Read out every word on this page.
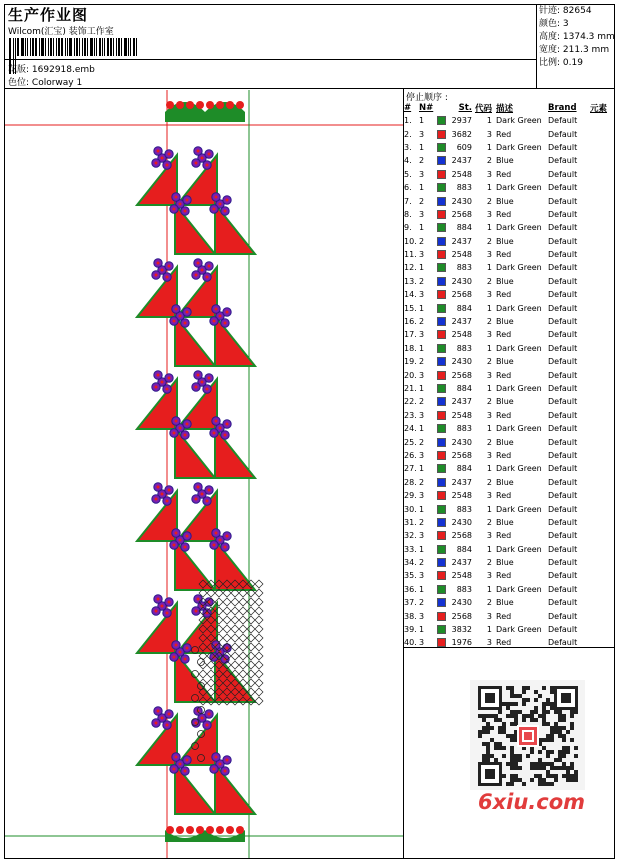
生产作业图
Wilcom(汇宝) 装饰工作室
花版: 1692918.emb
色位: Colorway 1
针迹: 82654
颜色: 3
高度: 1374.3 mm
宽度: 211.3 mm
比例: 0.19
停止顺序 :
#	N#		St.	代码	描述	Brand	元素
1.	1		2937	1	Dark Green	Default	
2.	3		3682	3	Red	Default	
3.	1		609	1	Dark Green	Default	
4.	2		2437	2	Blue	Default	
5.	3		2548	3	Red	Default	
6.	1		883	1	Dark Green	Default	
7.	2		2430	2	Blue	Default	
8.	3		2568	3	Red	Default	
9.	1		884	1	Dark Green	Default	
10.	2		2437	2	Blue	Default	
11.	3		2548	3	Red	Default	
12.	1		883	1	Dark Green	Default	
13.	2		2430	2	Blue	Default	
14.	3		2568	3	Red	Default	
15.	1		884	1	Dark Green	Default	
16.	2		2437	2	Blue	Default	
17.	3		2548	3	Red	Default	
18.	1		883	1	Dark Green	Default	
19.	2		2430	2	Blue	Default	
20.	3		2568	3	Red	Default	
21.	1		884	1	Dark Green	Default	
22.	2		2437	2	Blue	Default	
23.	3		2548	3	Red	Default	
24.	1		883	1	Dark Green	Default	
25.	2		2430	2	Blue	Default	
26.	3		2568	3	Red	Default	
27.	1		884	1	Dark Green	Default	
28.	2		2437	2	Blue	Default	
29.	3		2548	3	Red	Default	
30.	1		883	1	Dark Green	Default	
31.	2		2430	2	Blue	Default	
32.	3		2568	3	Red	Default	
33.	1		884	1	Dark Green	Default	
34.	2		2437	2	Blue	Default	
35.	3		2548	3	Red	Default	
36.	1		883	1	Dark Green	Default	
37.	2		2430	2	Blue	Default	
38.	3		2568	3	Red	Default	
39.	1		3832	1	Dark Green	Default	
40.	3		1976	3	Red	Default	
6xiu.com
